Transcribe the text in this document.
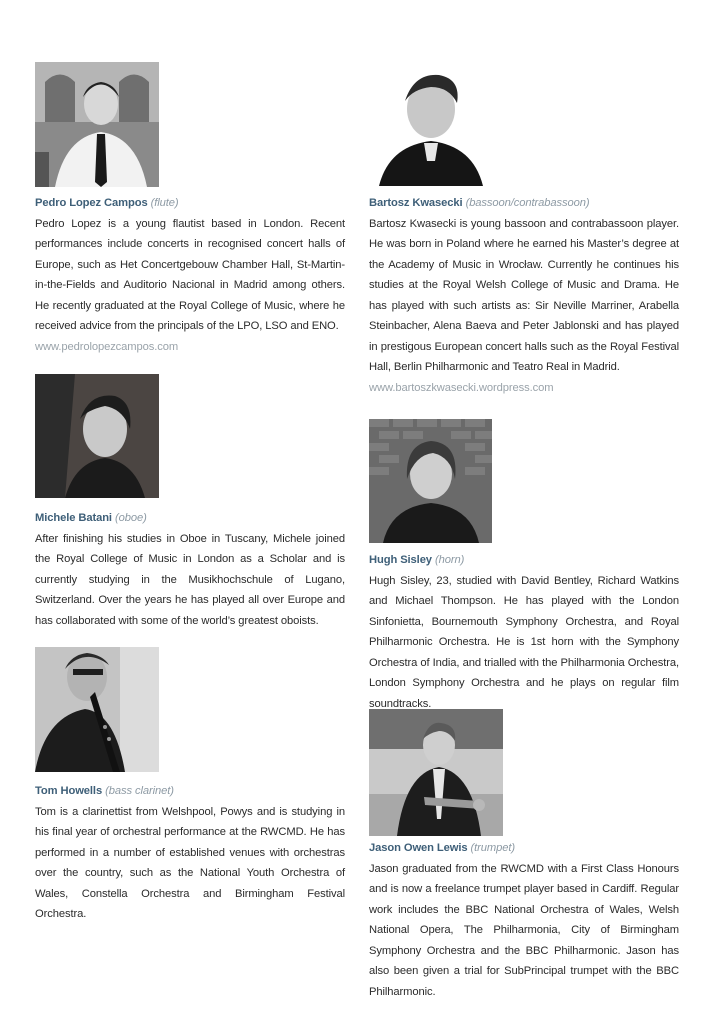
Pedro Lopez Campos (flute)

Pedro Lopez is a young flautist based in London. Recent performances include concerts in recognised concert halls of Europe, such as Het Concertgebouw Chamber Hall, St-Martin-in-the-Fields and Auditorio Nacional in Madrid among others. He recently graduated at the Royal College of Music, where he received advice from the principals of the LPO, LSO and ENO.

www.pedrolopezcampos.com

Michele Batani (oboe)

After finishing his studies in Oboe in Tuscany, Michele joined the Royal College of Music in London as a Scholar and is currently studying in the Musikhochschule of Lugano, Switzerland. Over the years he has played all over Europe and has collaborated with some of the world’s greatest oboists.

Tom Howells (bass clarinet)

Tom is a clarinettist from Welshpool, Powys and is studying in his final year of orchestral performance at the RWCMD. He has performed in a number of established venues with orchestras over the country, such as the National Youth Orchestra of Wales, Constella Orchestra and Birmingham Festival Orchestra.

Bartosz Kwasecki (bassoon/contrabassoon)

Bartosz Kwasecki is young bassoon and contrabassoon player. He was born in Poland where he earned his Master’s degree at the Academy of Music in Wrocław. Currently he continues his studies at the Royal Welsh College of Music and Drama. He has played with such artists as: Sir Neville Marriner, Arabella Steinbacher, Alena Baeva and Peter Jablonski and has played in prestigous European concert halls such as the Royal Festival Hall, Berlin Philharmonic and Teatro Real in Madrid.

www.bartoszkwasecki.wordpress.com

Hugh Sisley (horn)

Hugh Sisley, 23, studied with David Bentley, Richard Watkins and Michael Thompson. He has played with the London Sinfonietta, Bournemouth Symphony Orchestra, and Royal Philharmonic Orchestra. He is 1st horn with the Symphony Orchestra of India, and trialled with the Philharmonia Orchestra, London Symphony Orchestra and he plays on regular film soundtracks.

Jason Owen Lewis (trumpet)

Jason graduated from the RWCMD with a First Class Honours and is now a freelance trumpet player based in Cardiff. Regular work includes the BBC National Orchestra of Wales, Welsh National Opera, The Philharmonia, City of Birmingham Symphony Orchestra and the BBC Philharmonic. Jason has also been given a trial for SubPrincipal trumpet with the BBC Philharmonic.
